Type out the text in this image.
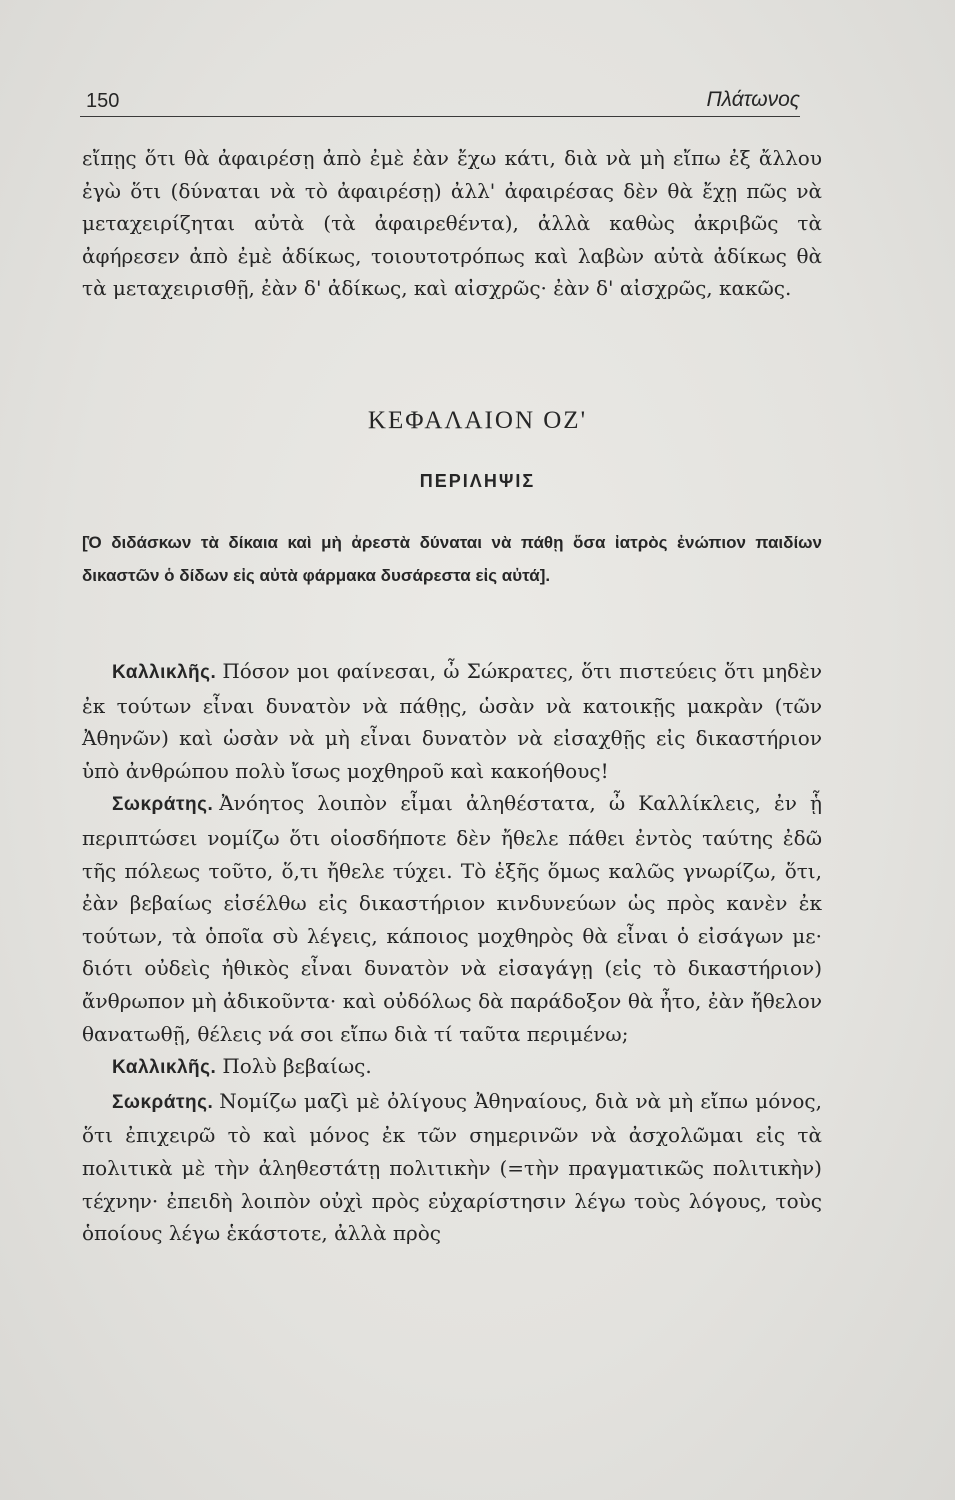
150	Πλάτωνος

εἴπῃς ὅτι θὰ ἀφαιρέσῃ ἀπὸ ἐμὲ ἐὰν ἔχω κάτι, διὰ νὰ μὴ εἴπω ἐξ ἄλλου ἐγὼ ὅτι (δύναται νὰ τὸ ἀφαιρέσῃ) ἀλλ' ἀφαιρέσας δὲν θὰ ἔχῃ πῶς νὰ μεταχειρίζηται αὐτὰ (τὰ ἀφαιρεθέντα), ἀλλὰ καθὼς ἀκριβῶς τὰ ἀφήρεσεν ἀπὸ ἐμὲ ἀδίκως, τοιουτοτρόπως καὶ λαβὼν αὐτὰ ἀδίκως θὰ τὰ μεταχειρισθῇ, ἐὰν δ' ἀδίκως, καὶ αἰσχρῶς· ἐὰν δ' αἰσχρῶς, κακῶς.

ΚΕΦΑΛΑΙΟΝ ΟΖ'
ΠΕΡΙΛΗΨΙΣ

[Ὁ διδάσκων τὰ δίκαια καὶ μὴ ἀρεστὰ δύναται νὰ πάθῃ ὅσα ἰατρὸς ἐνώπιον παιδίων δικαστῶν ὁ δίδων εἰς αὐτὰ φάρμακα δυσάρεστα εἰς αὐτά].

Καλλικλῆς. Πόσον μοι φαίνεσαι, ὦ Σώκρατες, ὅτι πιστεύεις ὅτι μηδὲν ἐκ τούτων εἶναι δυνατὸν νὰ πάθῃς, ὡσὰν νὰ κατοικῇς μακρὰν (τῶν Ἀθηνῶν) καὶ ὡσὰν νὰ μὴ εἶναι δυνατὸν νὰ εἰσαχθῇς εἰς δικαστήριον ὑπὸ ἀνθρώπου πολὺ ἴσως μοχθηροῦ καὶ κακοήθους!

Σωκράτης. Ἀνόητος λοιπὸν εἶμαι ἀληθέστατα, ὦ Καλλίκλεις, ἐν ᾗ περιπτώσει νομίζω ὅτι οἱοσδήποτε δὲν ἤθελε πάθει ἐντὸς ταύτης ἐδῶ τῆς πόλεως τοῦτο, ὅ,τι ἤθελε τύχει. Τὸ ἑξῆς ὅμως καλῶς γνωρίζω, ὅτι, ἐὰν βεβαίως εἰσέλθω εἰς δικαστήριον κινδυνεύων ὡς πρὸς κανὲν ἐκ τούτων, τὰ ὁποῖα σὺ λέγεις, κάποιος μοχθηρὸς θὰ εἶναι ὁ εἰσάγων με· διότι οὐδεὶς ἠθικὸς εἶναι δυνατὸν νὰ εἰσαγάγῃ (εἰς τὸ δικαστήριον) ἄνθρωπον μὴ ἀδικοῦντα· καὶ οὐδόλως δὰ παράδοξον θὰ ἦτο, ἐὰν ἤθελον θανατωθῇ, θέλεις νά σοι εἴπω διὰ τί ταῦτα περιμένω;

Καλλικλῆς. Πολὺ βεβαίως.

Σωκράτης. Νομίζω μαζὶ μὲ ὀλίγους Ἀθηναίους, διὰ νὰ μὴ εἴπω μόνος, ὅτι ἐπιχειρῶ τὸ καὶ μόνος ἐκ τῶν σημερινῶν νὰ ἀσχολῶμαι εἰς τὰ πολιτικὰ μὲ τὴν ἀληθεστάτῃ πολιτικὴν (=τὴν πραγματικῶς πολιτικὴν) τέχνην· ἐπειδὴ λοιπὸν οὐχὶ πρὸς εὐχαρίστησιν λέγω τοὺς λόγους, τοὺς ὁποίους λέγω ἑκάστοτε, ἀλλὰ πρὸς
